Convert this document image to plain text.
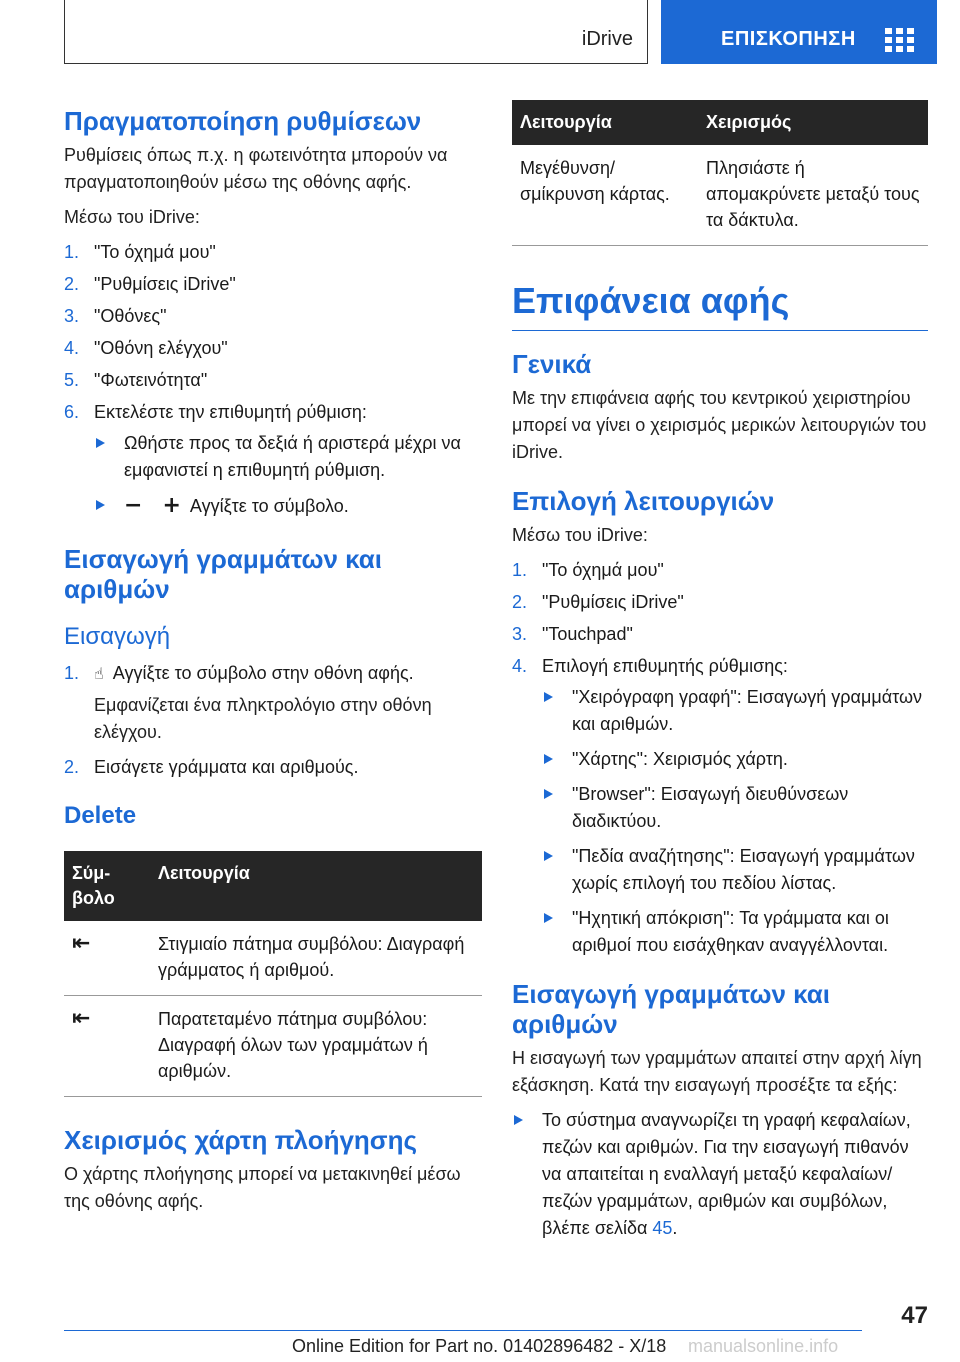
iDrive	ΕΠΙΣΚΟΠΗΣΗ
Πραγματοποίηση ρυθμίσεων

Ρυθμίσεις όπως π.χ. η φωτεινότητα μπορούν να πραγματοποιηθούν μέσω της οθόνης αφής.

Μέσω του iDrive:

1. "Το όχημά μου"
2. "Ρυθμίσεις iDrive"
3. "Οθόνες"
4. "Οθόνη ελέγχου"
5. "Φωτεινότητα"
6. Εκτελέστε την επιθυμητή ρύθμιση:
Ωθήστε προς τα δεξιά ή αριστερά μέχρι να εμφανιστεί η επιθυμητή ρύθμιση.
− + Αγγίξτε το σύμβολο.
Εισαγωγή γραμμάτων και αριθμών
Εισαγωγή
1. ☝ Αγγίξτε το σύμβολο στην οθόνη αφής.

Εμφανίζεται ένα πληκτρολόγιο στην οθόνη ελέγχου.

2. Εισάγετε γράμματα και αριθμούς.
Delete
Σύμ-βολο	Λειτουργία
⇤	Στιγμιαίο πάτημα συμβόλου: Διαγραφή γράμματος ή αριθμού.
⇤	Παρατεταμένο πάτημα συμβόλου: Διαγραφή όλων των γραμμάτων ή αριθμών.
Χειρισμός χάρτη πλοήγησης

Ο χάρτης πλοήγησης μπορεί να μετακινηθεί μέσω της οθόνης αφής.

Λειτουργία	Χειρισμός
Μεγέθυνση/ σμίκρυνση κάρτας.	Πλησιάστε ή απομακρύνετε μεταξύ τους τα δάκτυλα.
Επιφάνεια αφής
Γενικά

Με την επιφάνεια αφής του κεντρικού χειριστηρίου μπορεί να γίνει ο χειρισμός μερικών λειτουργιών του iDrive.

Επιλογή λειτουργιών

Μέσω του iDrive:

1. "Το όχημά μου"
2. "Ρυθμίσεις iDrive"
3. "Touchpad"
4. Επιλογή επιθυμητής ρύθμισης:
"Χειρόγραφη γραφή": Εισαγωγή γραμμάτων και αριθμών.
"Χάρτης": Χειρισμός χάρτη.
"Browser": Εισαγωγή διευθύνσεων διαδικτύου.
"Πεδία αναζήτησης": Εισαγωγή γραμμάτων χωρίς επιλογή του πεδίου λίστας.
"Ηχητική απόκριση": Τα γράμματα και οι αριθμοί που εισάχθηκαν αναγγέλλονται.
Εισαγωγή γραμμάτων και αριθμών

Η εισαγωγή των γραμμάτων απαιτεί στην αρχή λίγη εξάσκηση. Κατά την εισαγωγή προσέξτε τα εξής:

Το σύστημα αναγνωρίζει τη γραφή κεφαλαίων, πεζών και αριθμών. Για την εισαγωγή πιθανόν να απαιτείται η εναλλαγή μεταξύ κεφαλαίων/πεζών γραμμάτων, αριθμών και συμβόλων, βλέπε σελίδα 45.
47
Online Edition for Part no. 01402896482 - X/18 manualsonline.info
